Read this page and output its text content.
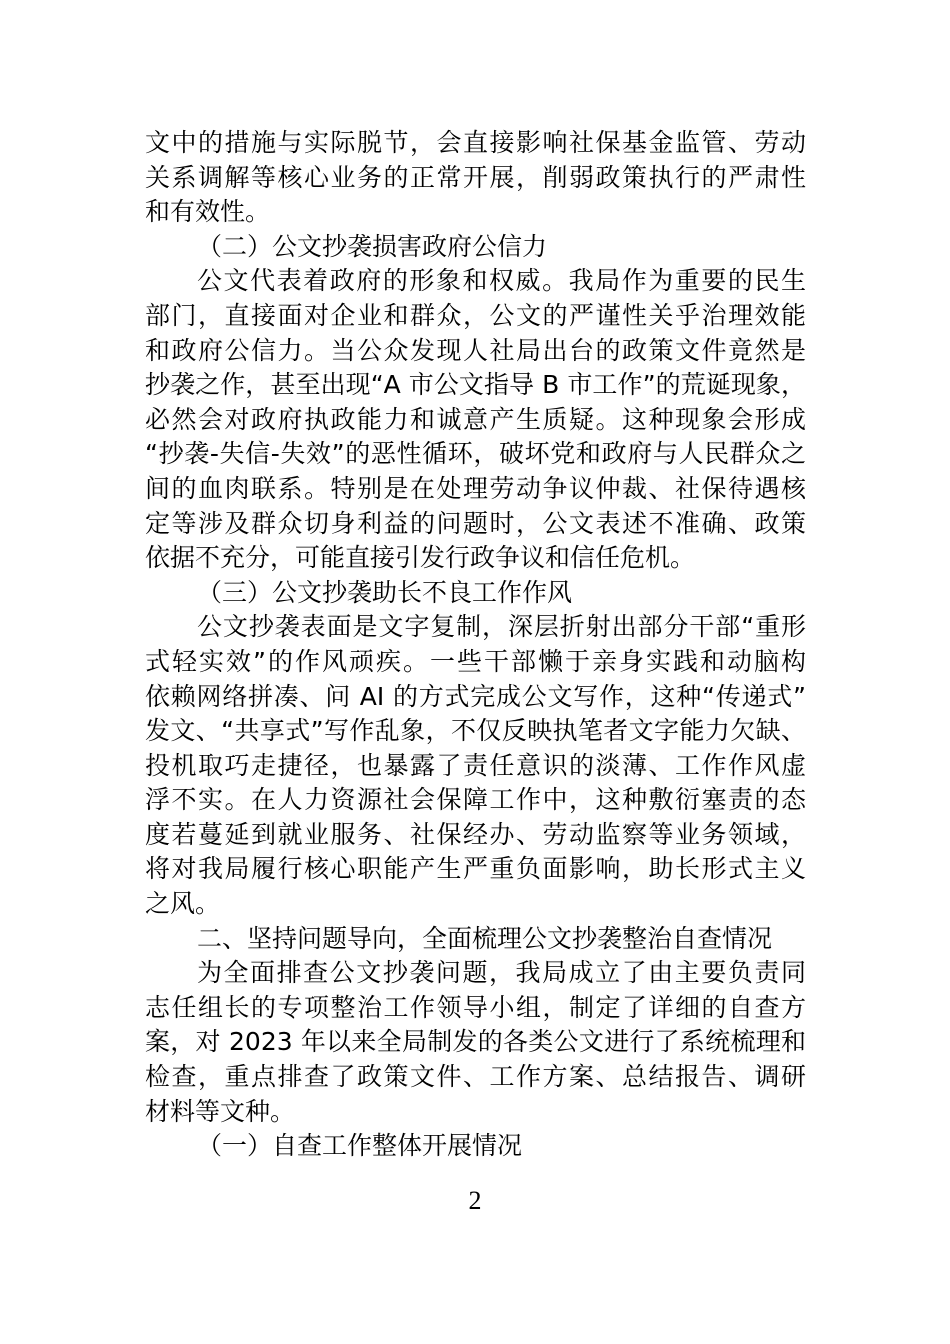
文中的措施与实际脱节，会直接影响社保基金监管、劳动
关系调解等核心业务的正常开展，削弱政策执行的严肃性
和有效性。
（二）公文抄袭损害政府公信力
公文代表着政府的形象和权威。我局作为重要的民生
部门，直接面对企业和群众，公文的严谨性关乎治理效能
和政府公信力。当公众发现人社局出台的政策文件竟然是
抄袭之作，甚至出现“A 市公文指导 B 市工作”的荒诞现象，
必然会对政府执政能力和诚意产生质疑。这种现象会形成
“抄袭-失信-失效”的恶性循环，破坏党和政府与人民群众之
间的血肉联系。特别是在处理劳动争议仲裁、社保待遇核
定等涉及群众切身利益的问题时，公文表述不准确、政策
依据不充分，可能直接引发行政争议和信任危机。
（三）公文抄袭助长不良工作作风
公文抄袭表面是文字复制，深层折射出部分干部“重形
式轻实效”的作风顽疾。一些干部懒于亲身实践和动脑构
依赖网络拼凑、问 AI 的方式完成公文写作，这种“传递式”
发文、“共享式”写作乱象，不仅反映执笔者文字能力欠缺、
投机取巧走捷径，也暴露了责任意识的淡薄、工作作风虚
浮不实。在人力资源社会保障工作中，这种敷衍塞责的态
度若蔓延到就业服务、社保经办、劳动监察等业务领域，
将对我局履行核心职能产生严重负面影响，助长形式主义
之风。
二、坚持问题导向，全面梳理公文抄袭整治自查情况
为全面排查公文抄袭问题，我局成立了由主要负责同
志任组长的专项整治工作领导小组，制定了详细的自查方
案，对 2023 年以来全局制发的各类公文进行了系统梳理和
检查，重点排查了政策文件、工作方案、总结报告、调研
材料等文种。
（一）自查工作整体开展情况
2
